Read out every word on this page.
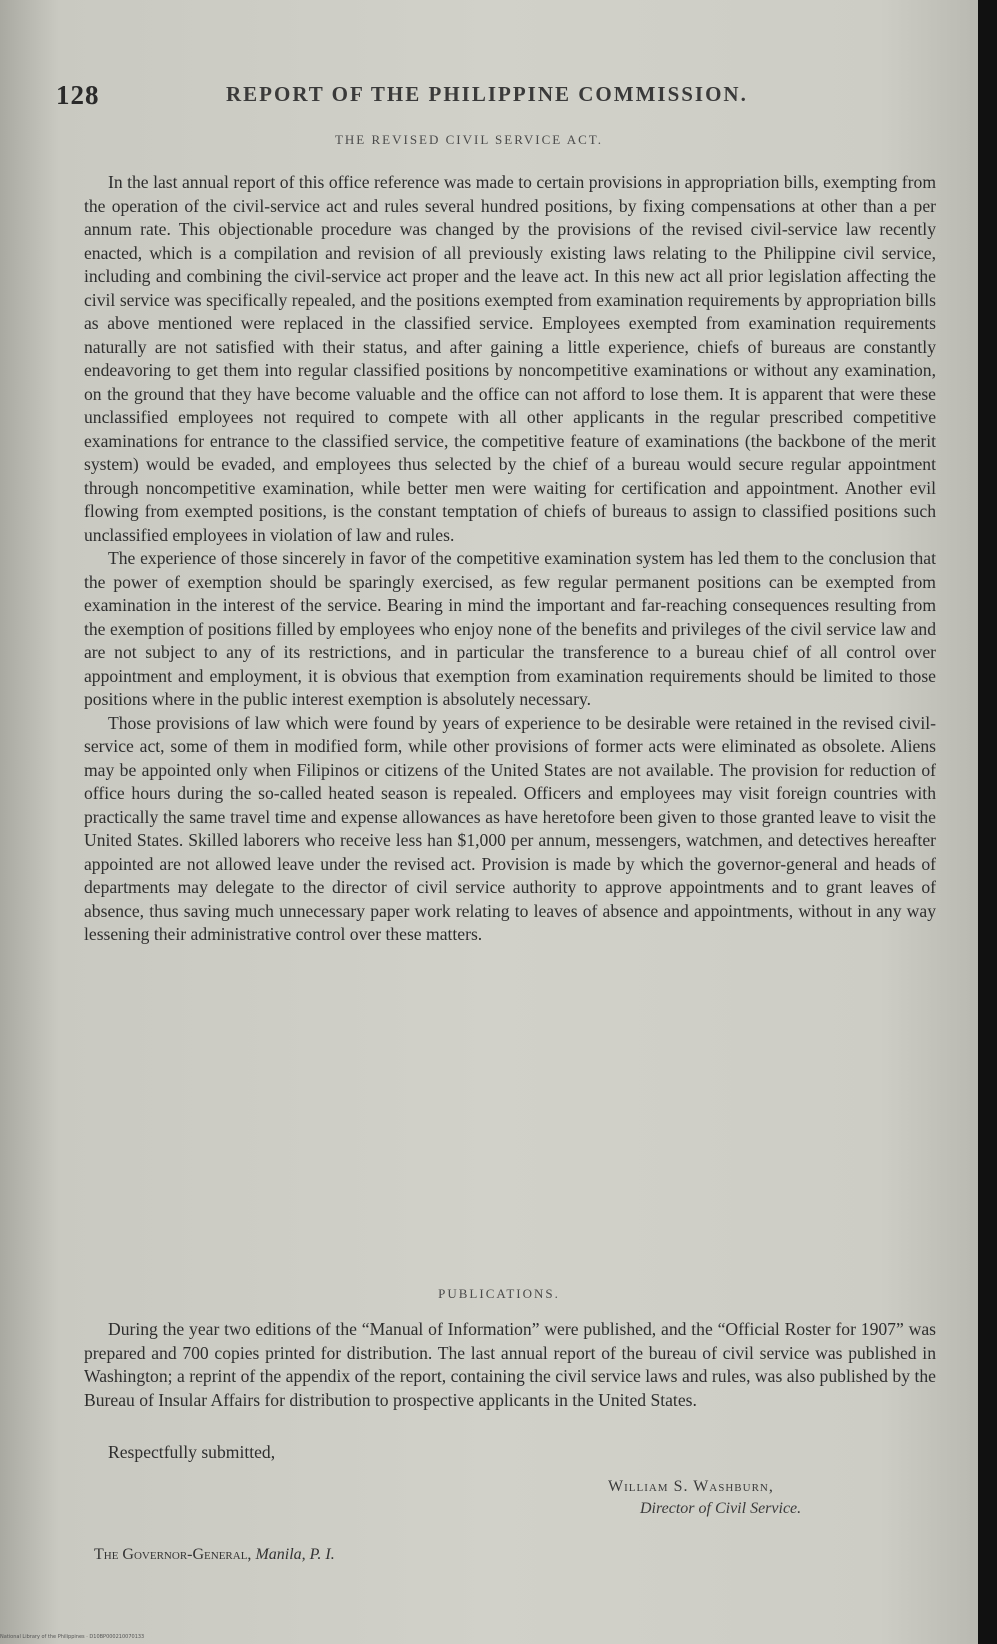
128	REPORT OF THE PHILIPPINE COMMISSION.
THE REVISED CIVIL SERVICE ACT.

In the last annual report of this office reference was made to certain provisions in appropriation bills, exempting from the operation of the civil-service act and rules several hundred positions, by fixing compensations at other than a per annum rate. This objectionable procedure was changed by the provisions of the revised civil-service law recently enacted, which is a compilation and revision of all previously existing laws relating to the Philippine civil service, including and combining the civil-service act proper and the leave act. In this new act all prior legislation affecting the civil service was specifically repealed, and the positions exempted from examination requirements by appropriation bills as above mentioned were replaced in the classified service. Employees exempted from examination requirements naturally are not satisfied with their status, and after gaining a little experience, chiefs of bureaus are constantly endeavoring to get them into regular classified positions by noncompetitive examinations or without any examination, on the ground that they have become valuable and the office can not afford to lose them. It is apparent that were these unclassified employees not required to compete with all other applicants in the regular prescribed competitive examinations for entrance to the classified service, the competitive feature of examinations (the backbone of the merit system) would be evaded, and employees thus selected by the chief of a bureau would secure regular appointment through noncompetitive examination, while better men were waiting for certification and appointment. Another evil flowing from exempted positions, is the constant temptation of chiefs of bureaus to assign to classified positions such unclassified employees in violation of law and rules.

The experience of those sincerely in favor of the competitive examination system has led them to the conclusion that the power of exemption should be sparingly exercised, as few regular permanent positions can be exempted from examination in the interest of the service. Bearing in mind the important and far-reaching consequences resulting from the exemption of positions filled by employees who enjoy none of the benefits and privileges of the civil service law and are not subject to any of its restrictions, and in particular the transference to a bureau chief of all control over appointment and employment, it is obvious that exemption from examination requirements should be limited to those positions where in the public interest exemption is absolutely necessary.

Those provisions of law which were found by years of experience to be desirable were retained in the revised civil-service act, some of them in modified form, while other provisions of former acts were eliminated as obsolete. Aliens may be appointed only when Filipinos or citizens of the United States are not available. The provision for reduction of office hours during the so-called heated season is repealed. Officers and employees may visit foreign countries with practically the same travel time and expense allowances as have heretofore been given to those granted leave to visit the United States. Skilled laborers who receive less han $1,000 per annum, messengers, watchmen, and detectives hereafter appointed are not allowed leave under the revised act. Provision is made by which the governor-general and heads of departments may delegate to the director of civil service authority to approve appointments and to grant leaves of absence, thus saving much unnecessary paper work relating to leaves of absence and appointments, without in any way lessening their administrative control over these matters.

PUBLICATIONS.

During the year two editions of the “Manual of Information” were published, and the “Official Roster for 1907” was prepared and 700 copies printed for distribution. The last annual report of the bureau of civil service was published in Washington; a reprint of the appendix of the report, containing the civil service laws and rules, was also published by the Bureau of Insular Affairs for distribution to prospective applicants in the United States.

Respectfully submitted,
William S. Washburn,
Director of Civil Service.
The Governor-General, Manila, P. I.
National Library of the Philippines · D10BP000210070133
